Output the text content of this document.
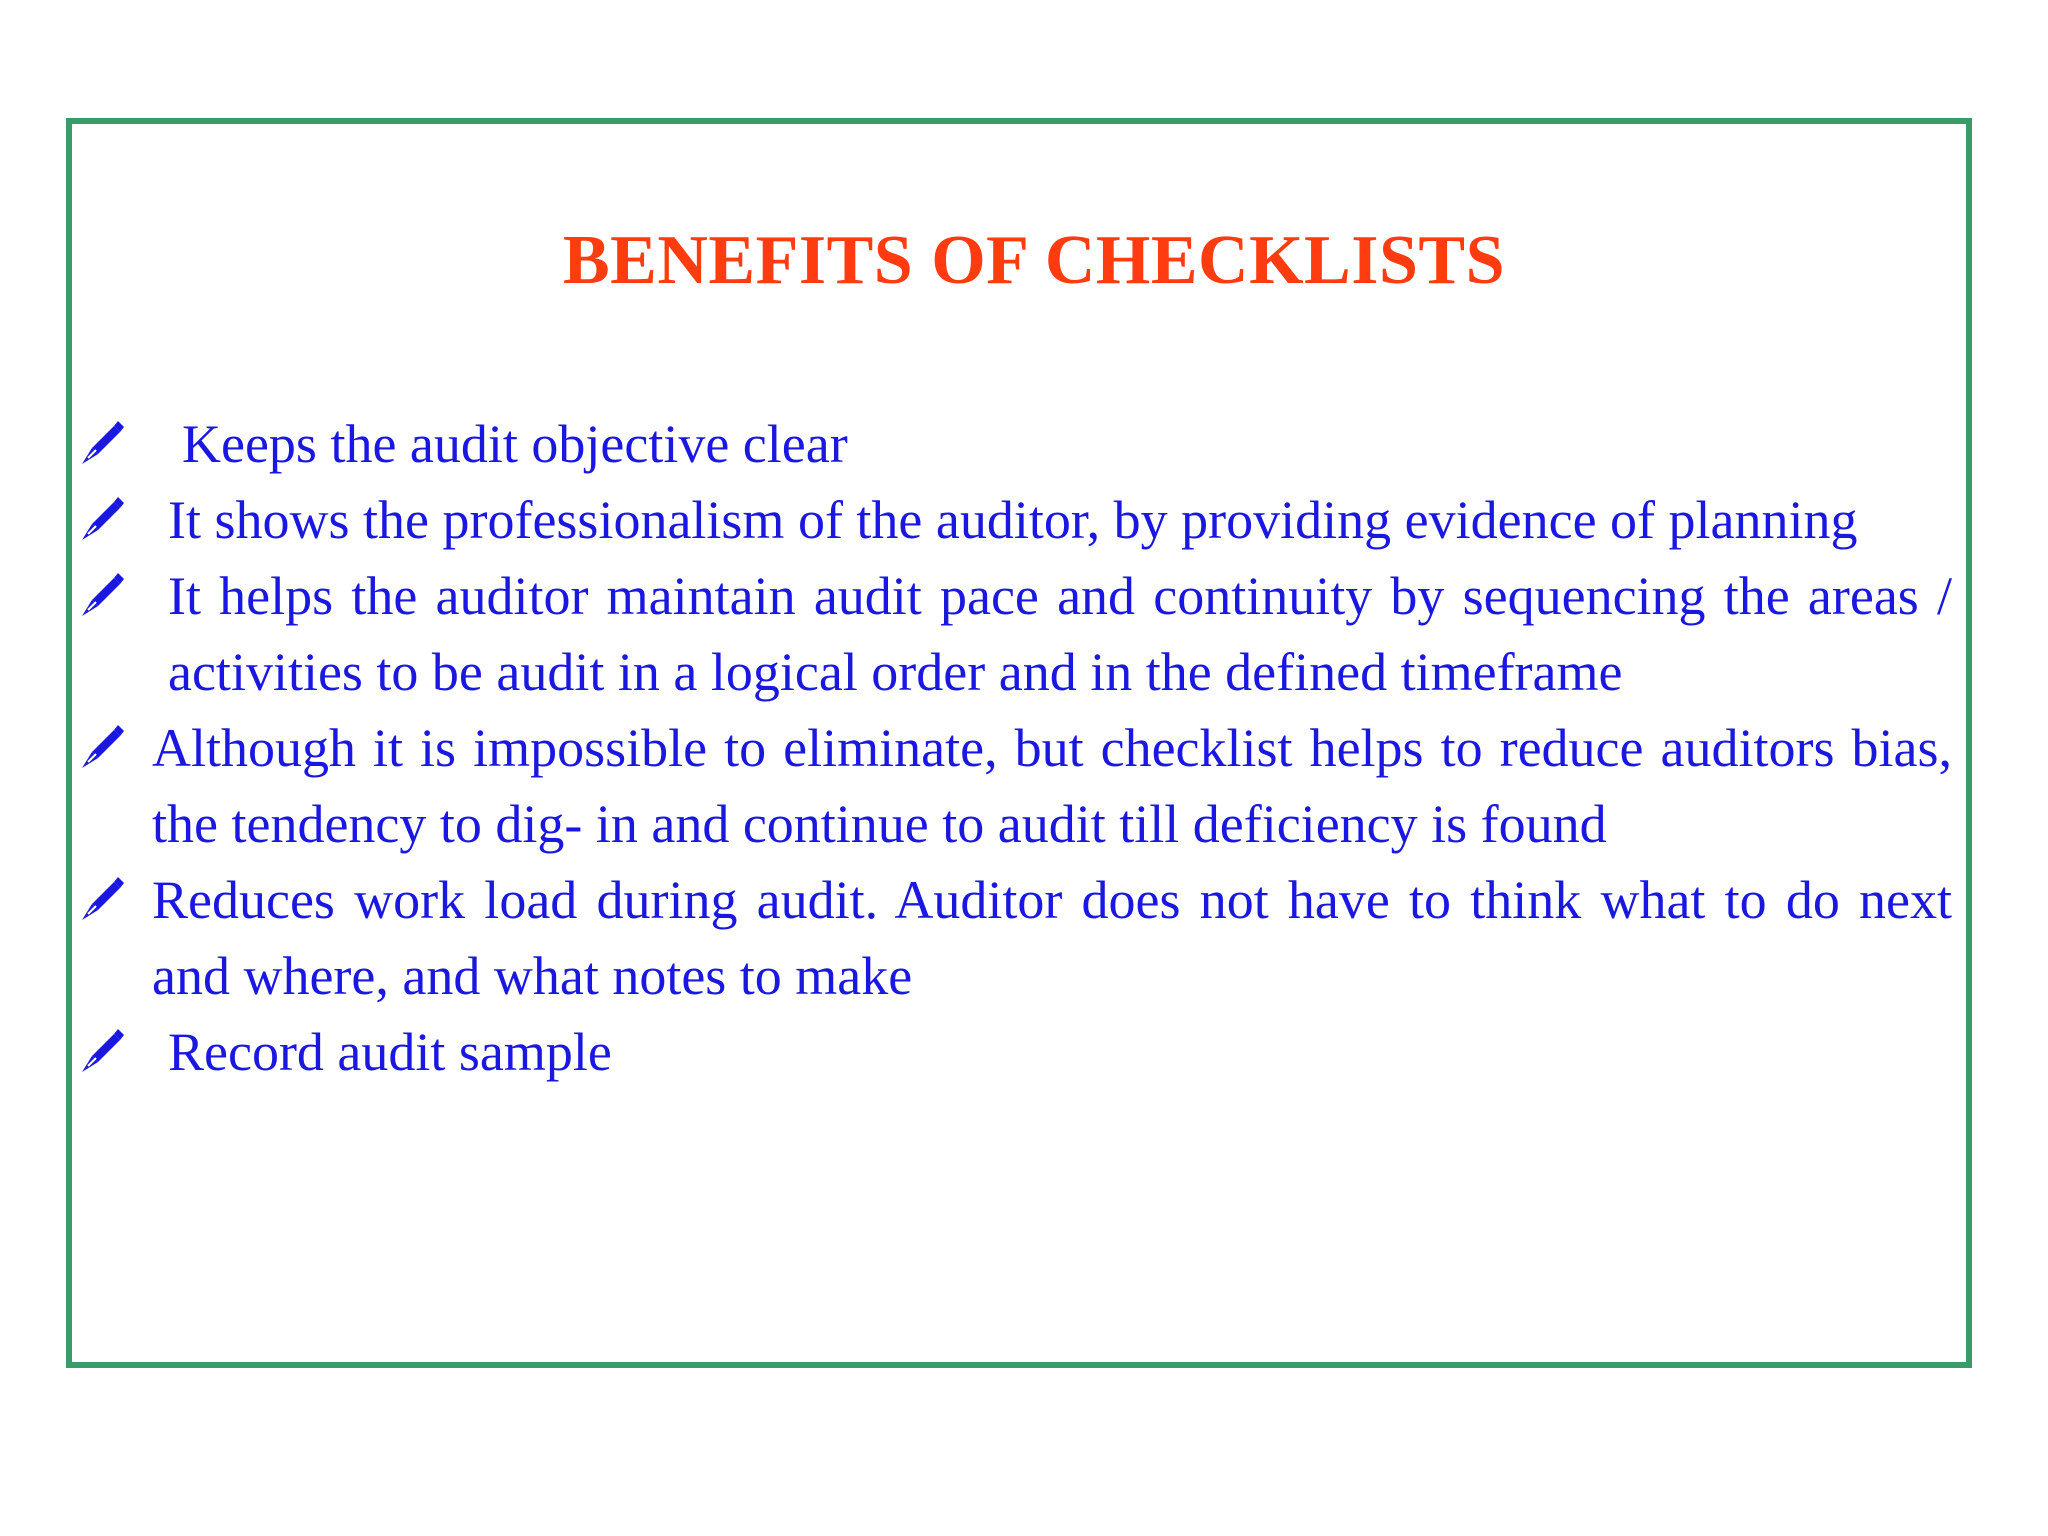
BENEFITS OF CHECKLISTS
Keeps the audit objective clear
It shows the professionalism of the auditor, by providing evidence of planning
It helps the auditor maintain audit pace and continuity by sequencing the areas / activities to be audit in a logical order and in the defined timeframe
Although it is impossible to eliminate, but checklist helps to reduce auditors bias, the tendency to dig- in and continue to audit till deficiency is found
Reduces work load during audit. Auditor does not have to think what to do next and where, and what notes to make
Record audit sample
